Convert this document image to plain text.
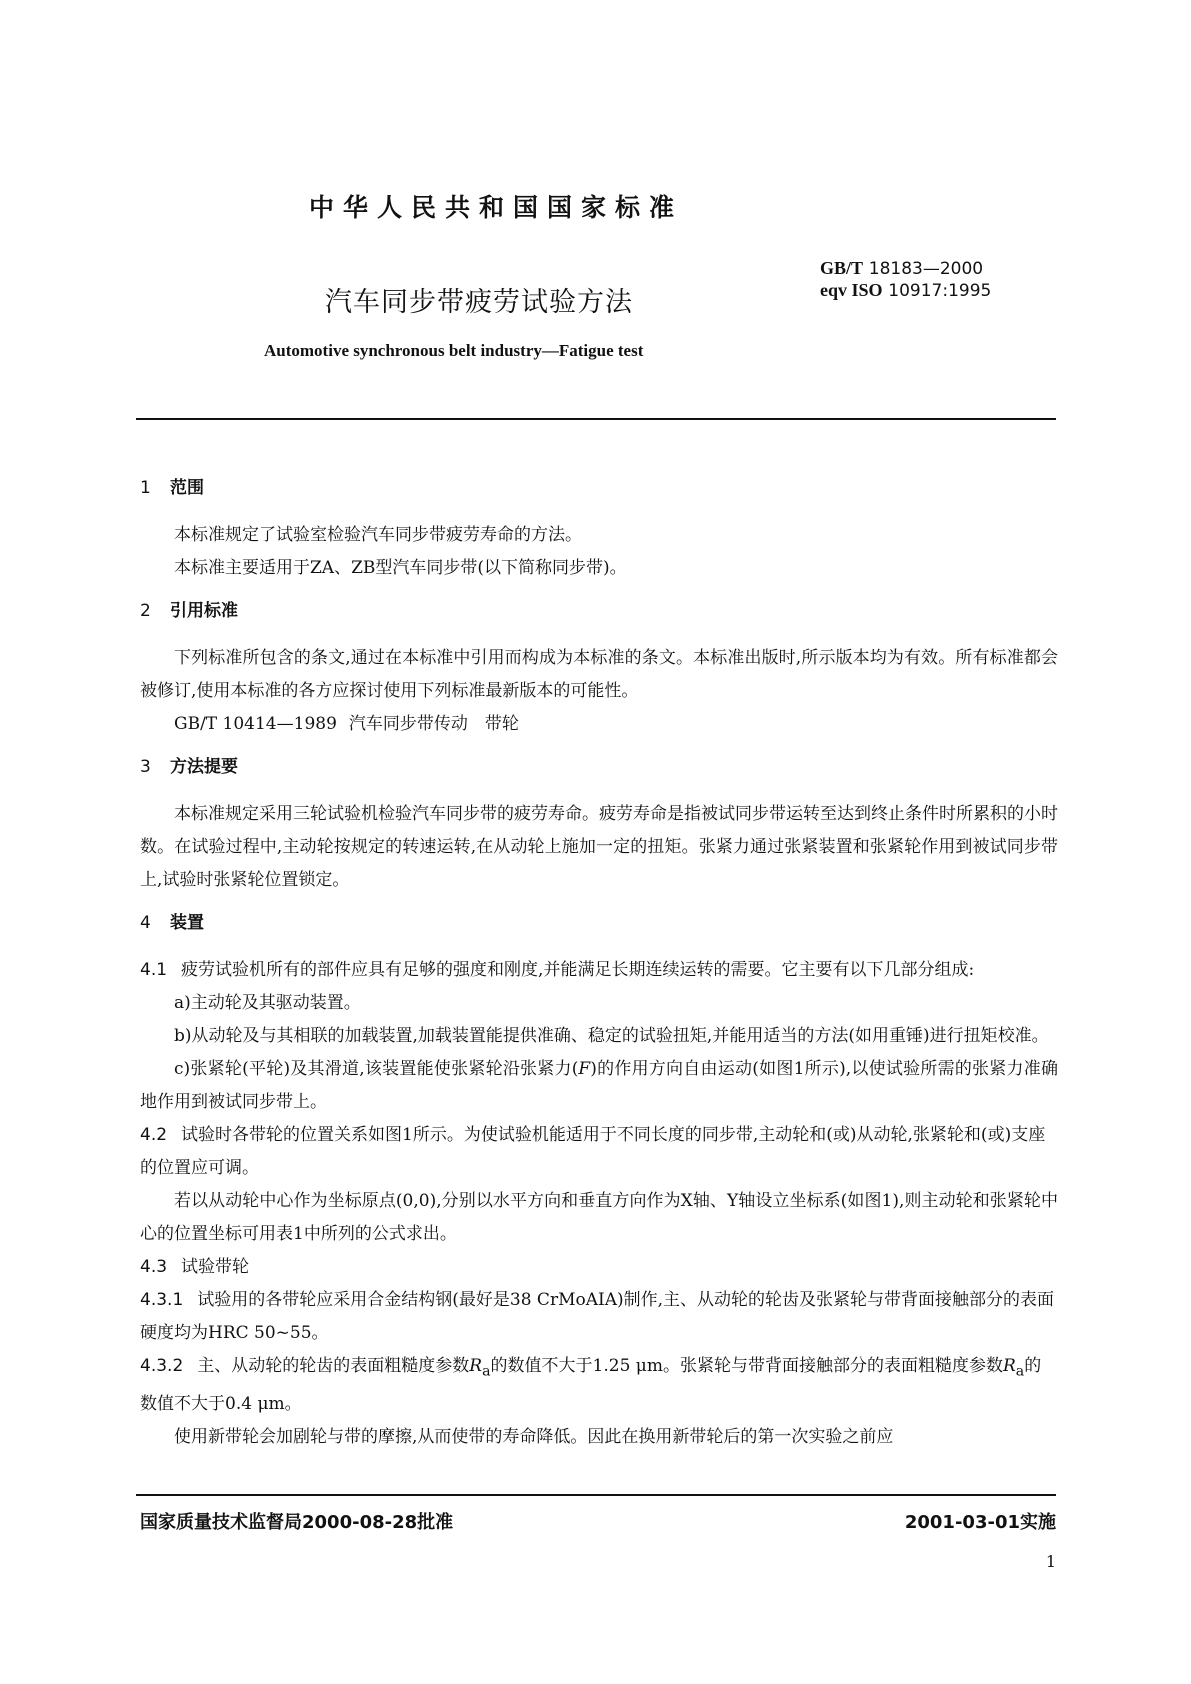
中华人民共和国国家标准
GB/T 18183—2000
eqv ISO 10917:1995
汽车同步带疲劳试验方法
Automotive synchronous belt industry—Fatigue test

1 范围

本标准规定了试验室检验汽车同步带疲劳寿命的方法。

本标准主要适用于ZA、ZB型汽车同步带(以下简称同步带)。

2 引用标准

下列标准所包含的条文,通过在本标准中引用而构成为本标准的条文。本标准出版时,所示版本均为有效。所有标准都会被修订,使用本标准的各方应探讨使用下列标准最新版本的可能性。

GB/T 10414—1989 汽车同步带传动　带轮

3 方法提要

本标准规定采用三轮试验机检验汽车同步带的疲劳寿命。疲劳寿命是指被试同步带运转至达到终止条件时所累积的小时数。在试验过程中,主动轮按规定的转速运转,在从动轮上施加一定的扭矩。张紧力通过张紧装置和张紧轮作用到被试同步带上,试验时张紧轮位置锁定。

4 装置

4.1 疲劳试验机所有的部件应具有足够的强度和刚度,并能满足长期连续运转的需要。它主要有以下几部分组成:

a)主动轮及其驱动装置。

b)从动轮及与其相联的加载装置,加载装置能提供准确、稳定的试验扭矩,并能用适当的方法(如用重锤)进行扭矩校准。

c)张紧轮(平轮)及其滑道,该装置能使张紧轮沿张紧力(F)的作用方向自由运动(如图1所示),以使试验所需的张紧力准确地作用到被试同步带上。

4.2 试验时各带轮的位置关系如图1所示。为使试验机能适用于不同长度的同步带,主动轮和(或)从动轮,张紧轮和(或)支座的位置应可调。

若以从动轮中心作为坐标原点(0,0),分别以水平方向和垂直方向作为X轴、Y轴设立坐标系(如图1),则主动轮和张紧轮中心的位置坐标可用表1中所列的公式求出。

4.3 试验带轮

4.3.1 试验用的各带轮应采用合金结构钢(最好是38 CrMoAIA)制作,主、从动轮的轮齿及张紧轮与带背面接触部分的表面硬度均为HRC 50~55。

4.3.2 主、从动轮的轮齿的表面粗糙度参数$R_a$的数值不大于1.25 μm。张紧轮与带背面接触部分的表面粗糙度参数$R_a$的数值不大于0.4 μm。

使用新带轮会加剧轮与带的摩擦,从而使带的寿命降低。因此在换用新带轮后的第一次实验之前应

国家质量技术监督局2000-08-28批准	2001-03-01实施
1
